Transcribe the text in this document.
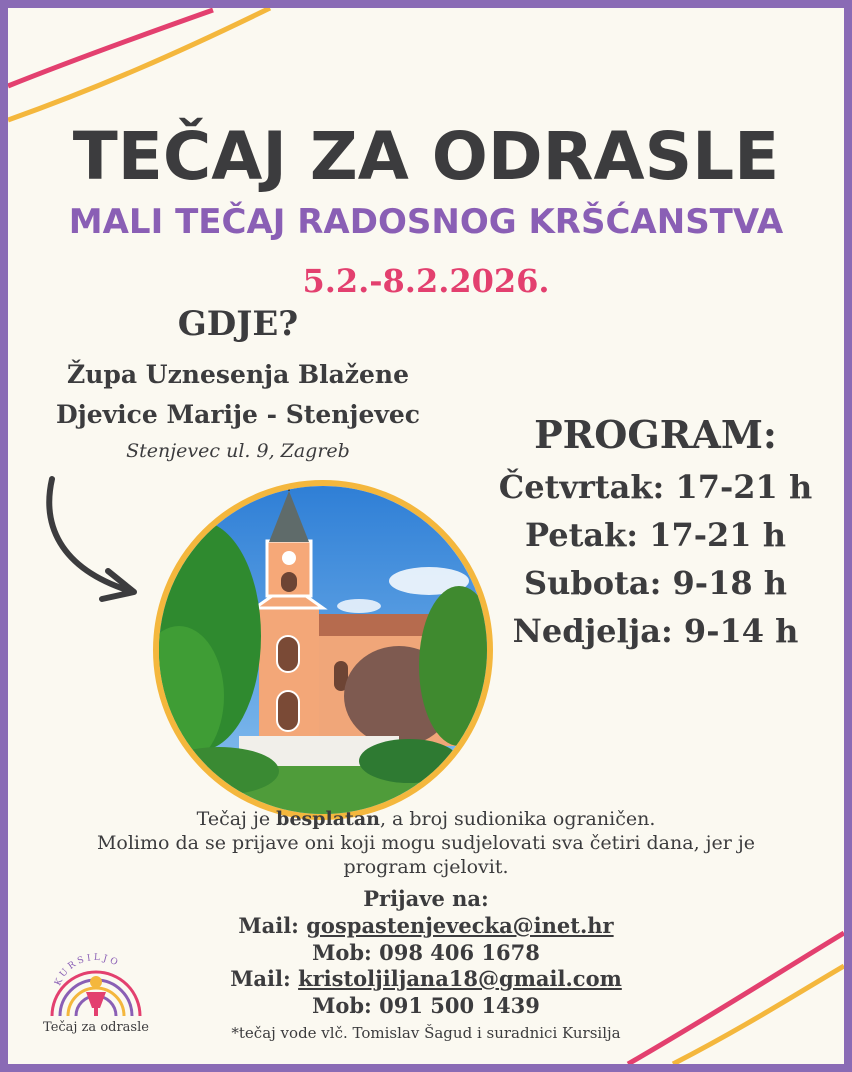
TEČAJ ZA ODRASLE
MALI TEČAJ RADOSNOG KRŠĆANSTVA
5.2.-8.2.2026.
GDJE?
Župa Uznesenja Blažene
Djevice Marije - Stenjevec
Stenjevec ul. 9, Zagreb	PROGRAM:
Četvrtak: 17-21 h
Petak: 17-21 h
Subota: 9-18 h
Nedjelja: 9-14 h
Tečaj je besplatan, a broj sudionika ograničen.
Molimo da se prijave oni koji mogu sudjelovati sva četiri dana, jer je
program cjelovit.
Prijave na:
Mail: gospastenjevecka@inet.hr
Mob: 098 406 1678
Mail: kristoljiljana18@gmail.com
Mob: 091 500 1439
*tečaj vode vlč. Tomislav Šagud i suradnici Kursilja
KURSILJO
Tečaj za odrasle
